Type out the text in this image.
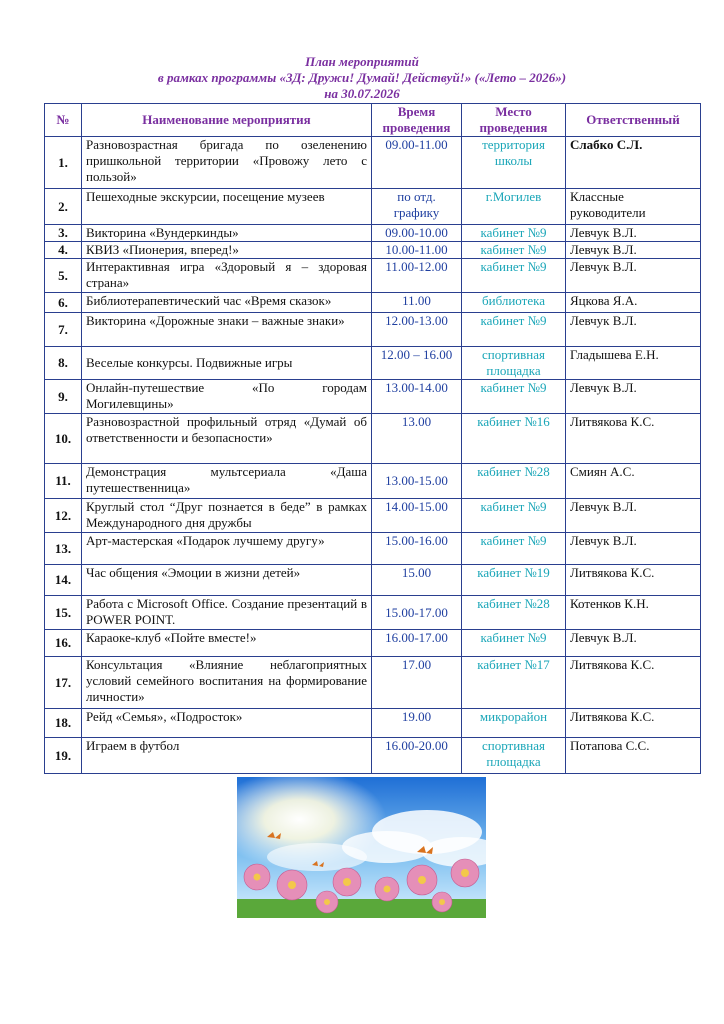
План мероприятий
в рамках программы «3Д: Дружи! Думай! Действуй!» («Лето – 2026»)
на 30.07.2026
№	Наименование мероприятия	Время проведения	Место проведения	Ответственный
1.	Разновозрастная бригада по озеленению пришкольной территории «Провожу лето с пользой»	09.00-11.00	территория школы	Слабко С.Л.
2.	Пешеходные экскурсии, посещение музеев	по отд. графику	г.Могилев	Классные руководители
3.	Викторина «Вундеркинды»	09.00-10.00	кабинет №9	Левчук В.Л.
4.	КВИЗ «Пионерия, вперед!»	10.00-11.00	кабинет №9	Левчук В.Л.
5.	Интерактивная игра «Здоровый я – здоровая страна»	11.00-12.00	кабинет №9	Левчук В.Л.
6.	Библиотерапевтический час «Время сказок»	11.00	библиотека	Яцкова Я.А.
7.	Викторина «Дорожные знаки – важные знаки»	12.00-13.00	кабинет №9	Левчук В.Л.
8.	Веселые конкурсы. Подвижные игры	12.00 – 16.00	спортивная площадка	Гладышева Е.Н.
9.	Онлайн-путешествие «По городам Могилевщины»	13.00-14.00	кабинет №9	Левчук В.Л.
10.	Разновозрастной профильный отряд «Думай об ответственности и безопасности»	13.00	кабинет №16	Литвякова К.С.
11.	Демонстрация мультсериала «Даша путешественница»	13.00-15.00	кабинет №28	Смиян А.С.
12.	Круглый стол “Друг познается в беде” в рамках Международного дня дружбы	14.00-15.00	кабинет №9	Левчук В.Л.
13.	Арт-мастерская «Подарок лучшему другу»	15.00-16.00	кабинет №9	Левчук В.Л.
14.	Час общения «Эмоции в жизни детей»	15.00	кабинет №19	Литвякова К.С.
15.	Работа с Microsoft Office. Создание презентаций в POWER POINT.	15.00-17.00	кабинет №28	Котенков К.Н.
16.	Караоке-клуб «Пойте вместе!»	16.00-17.00	кабинет №9	Левчук В.Л.
17.	Консультация «Влияние неблагоприятных условий семейного воспитания на формирование личности»	17.00	кабинет №17	Литвякова К.С.
18.	Рейд «Семья», «Подросток»	19.00	микрорайон	Литвякова К.С.
19.	Играем в футбол	16.00-20.00	спортивная площадка	Потапова С.С.
